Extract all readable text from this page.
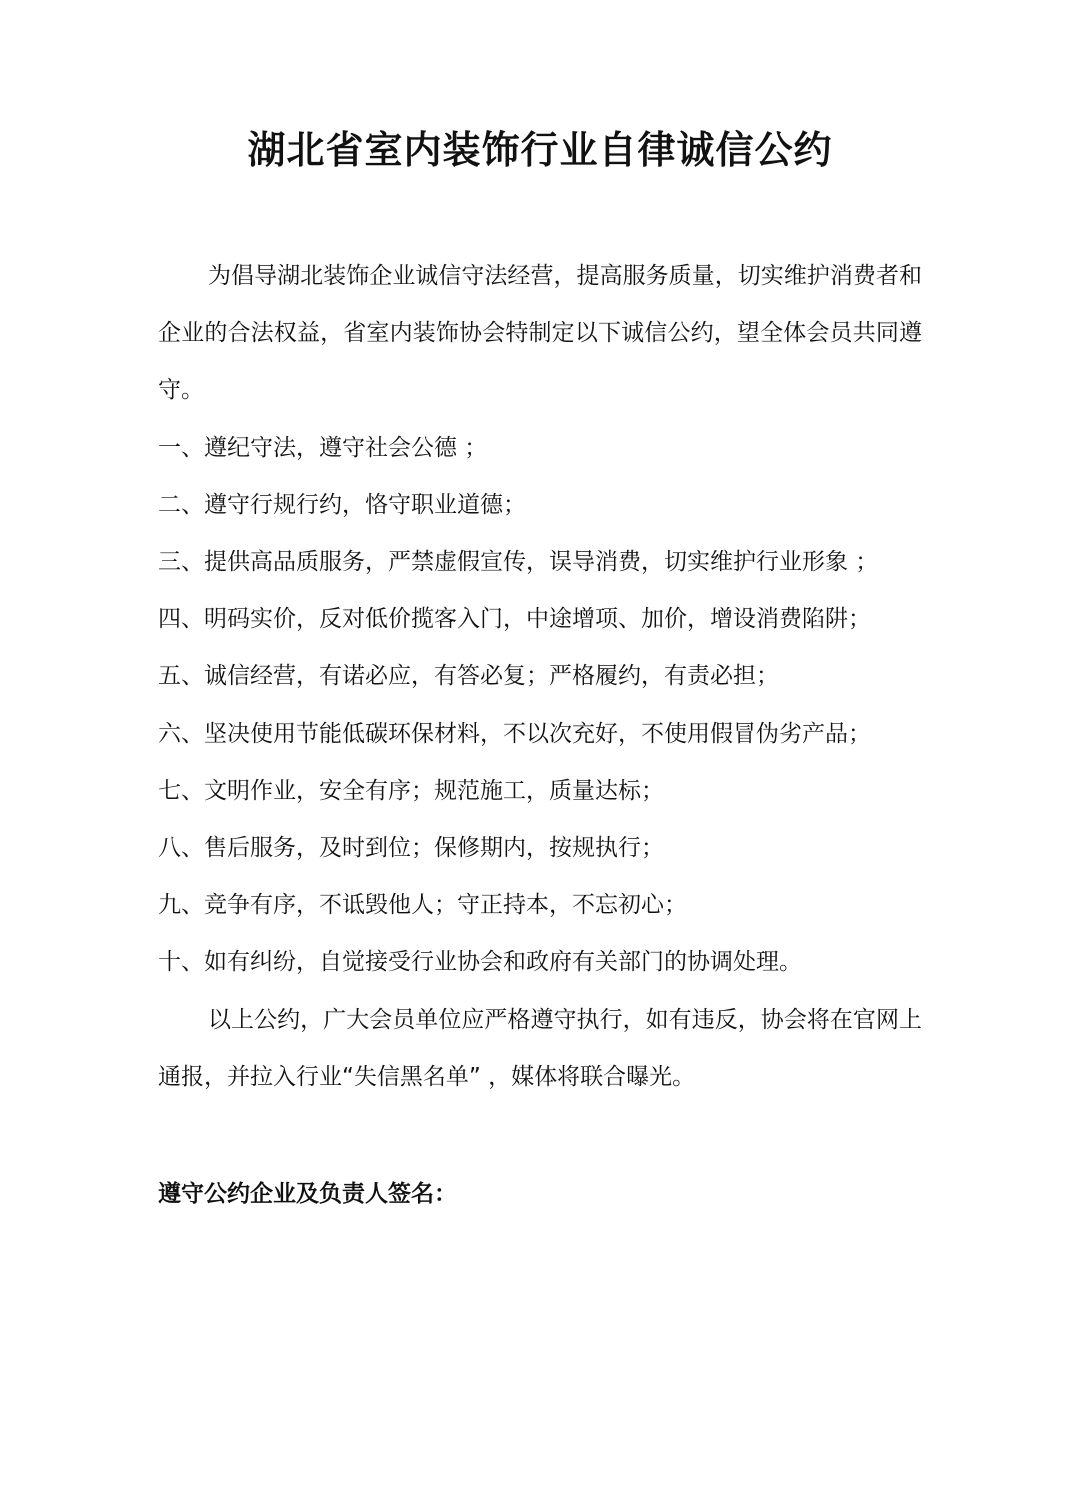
湖北省室内装饰行业自律诚信公约

为倡导湖北装饰企业诚信守法经营，提高服务质量，切实维护消费者和企业的合法权益，省室内装饰协会特制定以下诚信公约，望全体会员共同遵守。

一、遵纪守法，遵守社会公德 ；

二、遵守行规行约，恪守职业道德；

三、提供高品质服务，严禁虚假宣传，误导消费，切实维护行业形象 ；

四、明码实价，反对低价揽客入门，中途增项、加价，增设消费陷阱；

五、诚信经营，有诺必应，有答必复；严格履约，有责必担；

六、坚决使用节能低碳环保材料，不以次充好，不使用假冒伪劣产品；

七、文明作业，安全有序；规范施工，质量达标；

八、售后服务，及时到位；保修期内，按规执行；

九、竞争有序，不诋毁他人；守正持本，不忘初心；

十、如有纠纷，自觉接受行业协会和政府有关部门的协调处理。

以上公约，广大会员单位应严格遵守执行，如有违反，协会将在官网上通报，并拉入行业“失信黑名单” ，媒体将联合曝光。

遵守公约企业及负责人签名：
